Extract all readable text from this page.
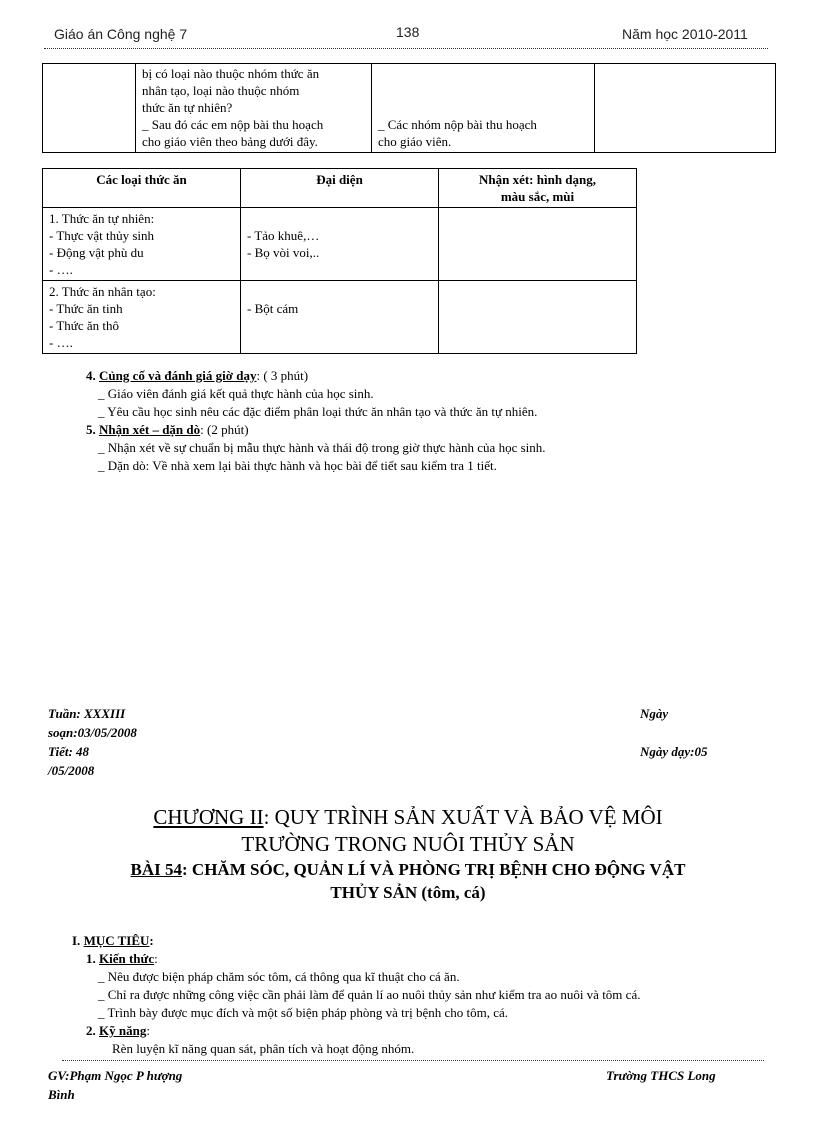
Giáo án Công nghệ 7	138	Năm học 2010-2011

bị có loại nào thuộc nhóm thức ăn
nhân tạo, loại nào thuộc nhóm
thức ăn tự nhiên?
_ Sau đó các em nộp bài thu hoạch
cho giáo viên theo bảng dưới đây.

_ Các nhóm nộp bài thu hoạch
cho giáo viên.

Các loại thức ăn	Đại diện	Nhận xét: hình dạng,
màu sắc, mùi

1. Thức ăn tự nhiên:
- Thực vật thủy sinh
- Động vật phù du
- ….	- Tảo khuê,…
- Bọ vòi voi,..	

2. Thức ăn nhân tạo:
- Thức ăn tinh
- Thức ăn thô
- ….	- Bột cám	

4. Củng cố và đánh giá giờ dạy: ( 3 phút)

_ Giáo viên đánh giá kết quả thực hành của học sinh.

_ Yêu cầu học sinh nêu các đặc điểm phân loại thức ăn nhân tạo và thức ăn tự nhiên.

5. Nhận xét – dặn dò: (2 phút)

_ Nhận xét về sự chuẩn bị mẫu thực hành và thái độ trong giờ thực hành của học sinh.

_ Dặn dò: Về nhà xem lại bài thực hành và học bài để tiết sau kiểm tra 1 tiết.

Tuần: XXXIII
soạn:03/05/2008
Tiết: 48
/05/2008
Ngày
Ngày dạy:05
CHƯƠNG II: QUY TRÌNH SẢN XUẤT VÀ BẢO VỆ MÔI
TRƯỜNG TRONG NUÔI THỦY SẢN
BÀI 54: CHĂM SÓC, QUẢN LÍ VÀ PHÒNG TRỊ BỆNH CHO ĐỘNG VẬT
THỦY SẢN (tôm, cá)

I. MỤC TIÊU:

1. Kiến thức:

_ Nêu được biện pháp chăm sóc tôm, cá thông qua kĩ thuật cho cá ăn.

_ Chỉ ra được những công việc cần phải làm để quản lí ao nuôi thủy sản như kiểm tra ao nuôi và tôm cá.

_ Trình bày được mục đích và một số biện pháp phòng và trị bệnh cho tôm, cá.

2. Kỹ năng:

Rèn luyện kĩ năng quan sát, phân tích và hoạt động nhóm.

GV:Phạm Ngọc P hượng
Bình
Trường THCS Long
